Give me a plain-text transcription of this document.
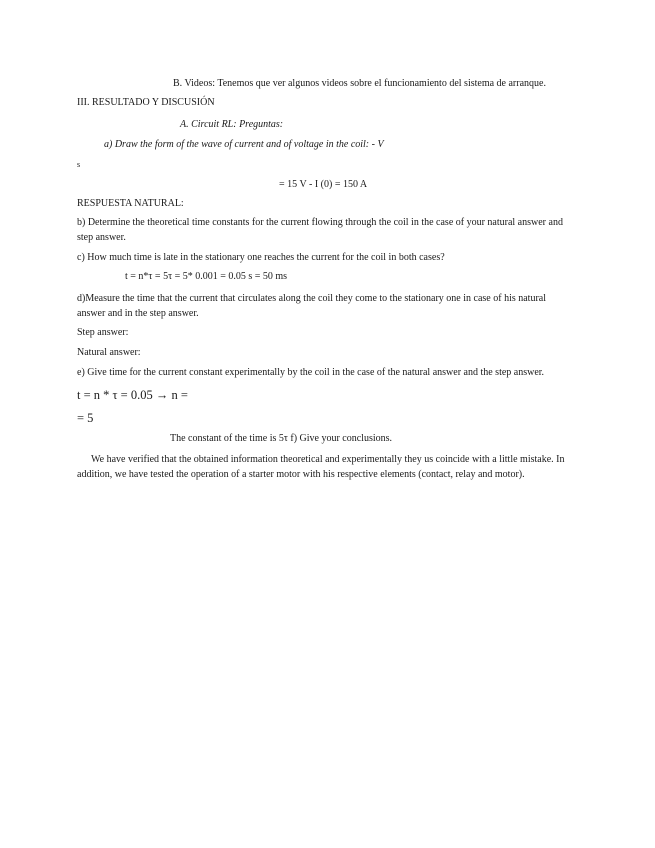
B. Videos: Tenemos que ver algunos videos sobre el funcionamiento del sistema de arranque.
III. RESULTADO Y DISCUSIÓN
A. Circuit RL: Preguntas:
a) Draw the form of the wave of current and of voltage in the coil: - V
s
= 15 V - I (0) = 150 A
RESPUESTA NATURAL:
b) Determine the theoretical time constants for the current flowing through the coil in the case of your natural answer and step answer.
c) How much time is late in the stationary one reaches the current for the coil in both cases?
t = n*τ = 5τ = 5* 0.001 = 0.05 s = 50 ms
d)Measure the time that the current that circulates along the coil they come to the stationary one in case of his natural answer and in the step answer.
Step answer:
Natural answer:
e) Give time for the current constant experimentally by the coil in the case of the natural answer and the step answer.
t = n * τ = 0.05 → n =
= 5
The constant of the time is 5τ f) Give your conclusions.
We have verified that the obtained information theoretical and experimentally they us coincide with a little mistake. In addition, we have tested the operation of a starter motor with his respective elements (contact, relay and motor).
